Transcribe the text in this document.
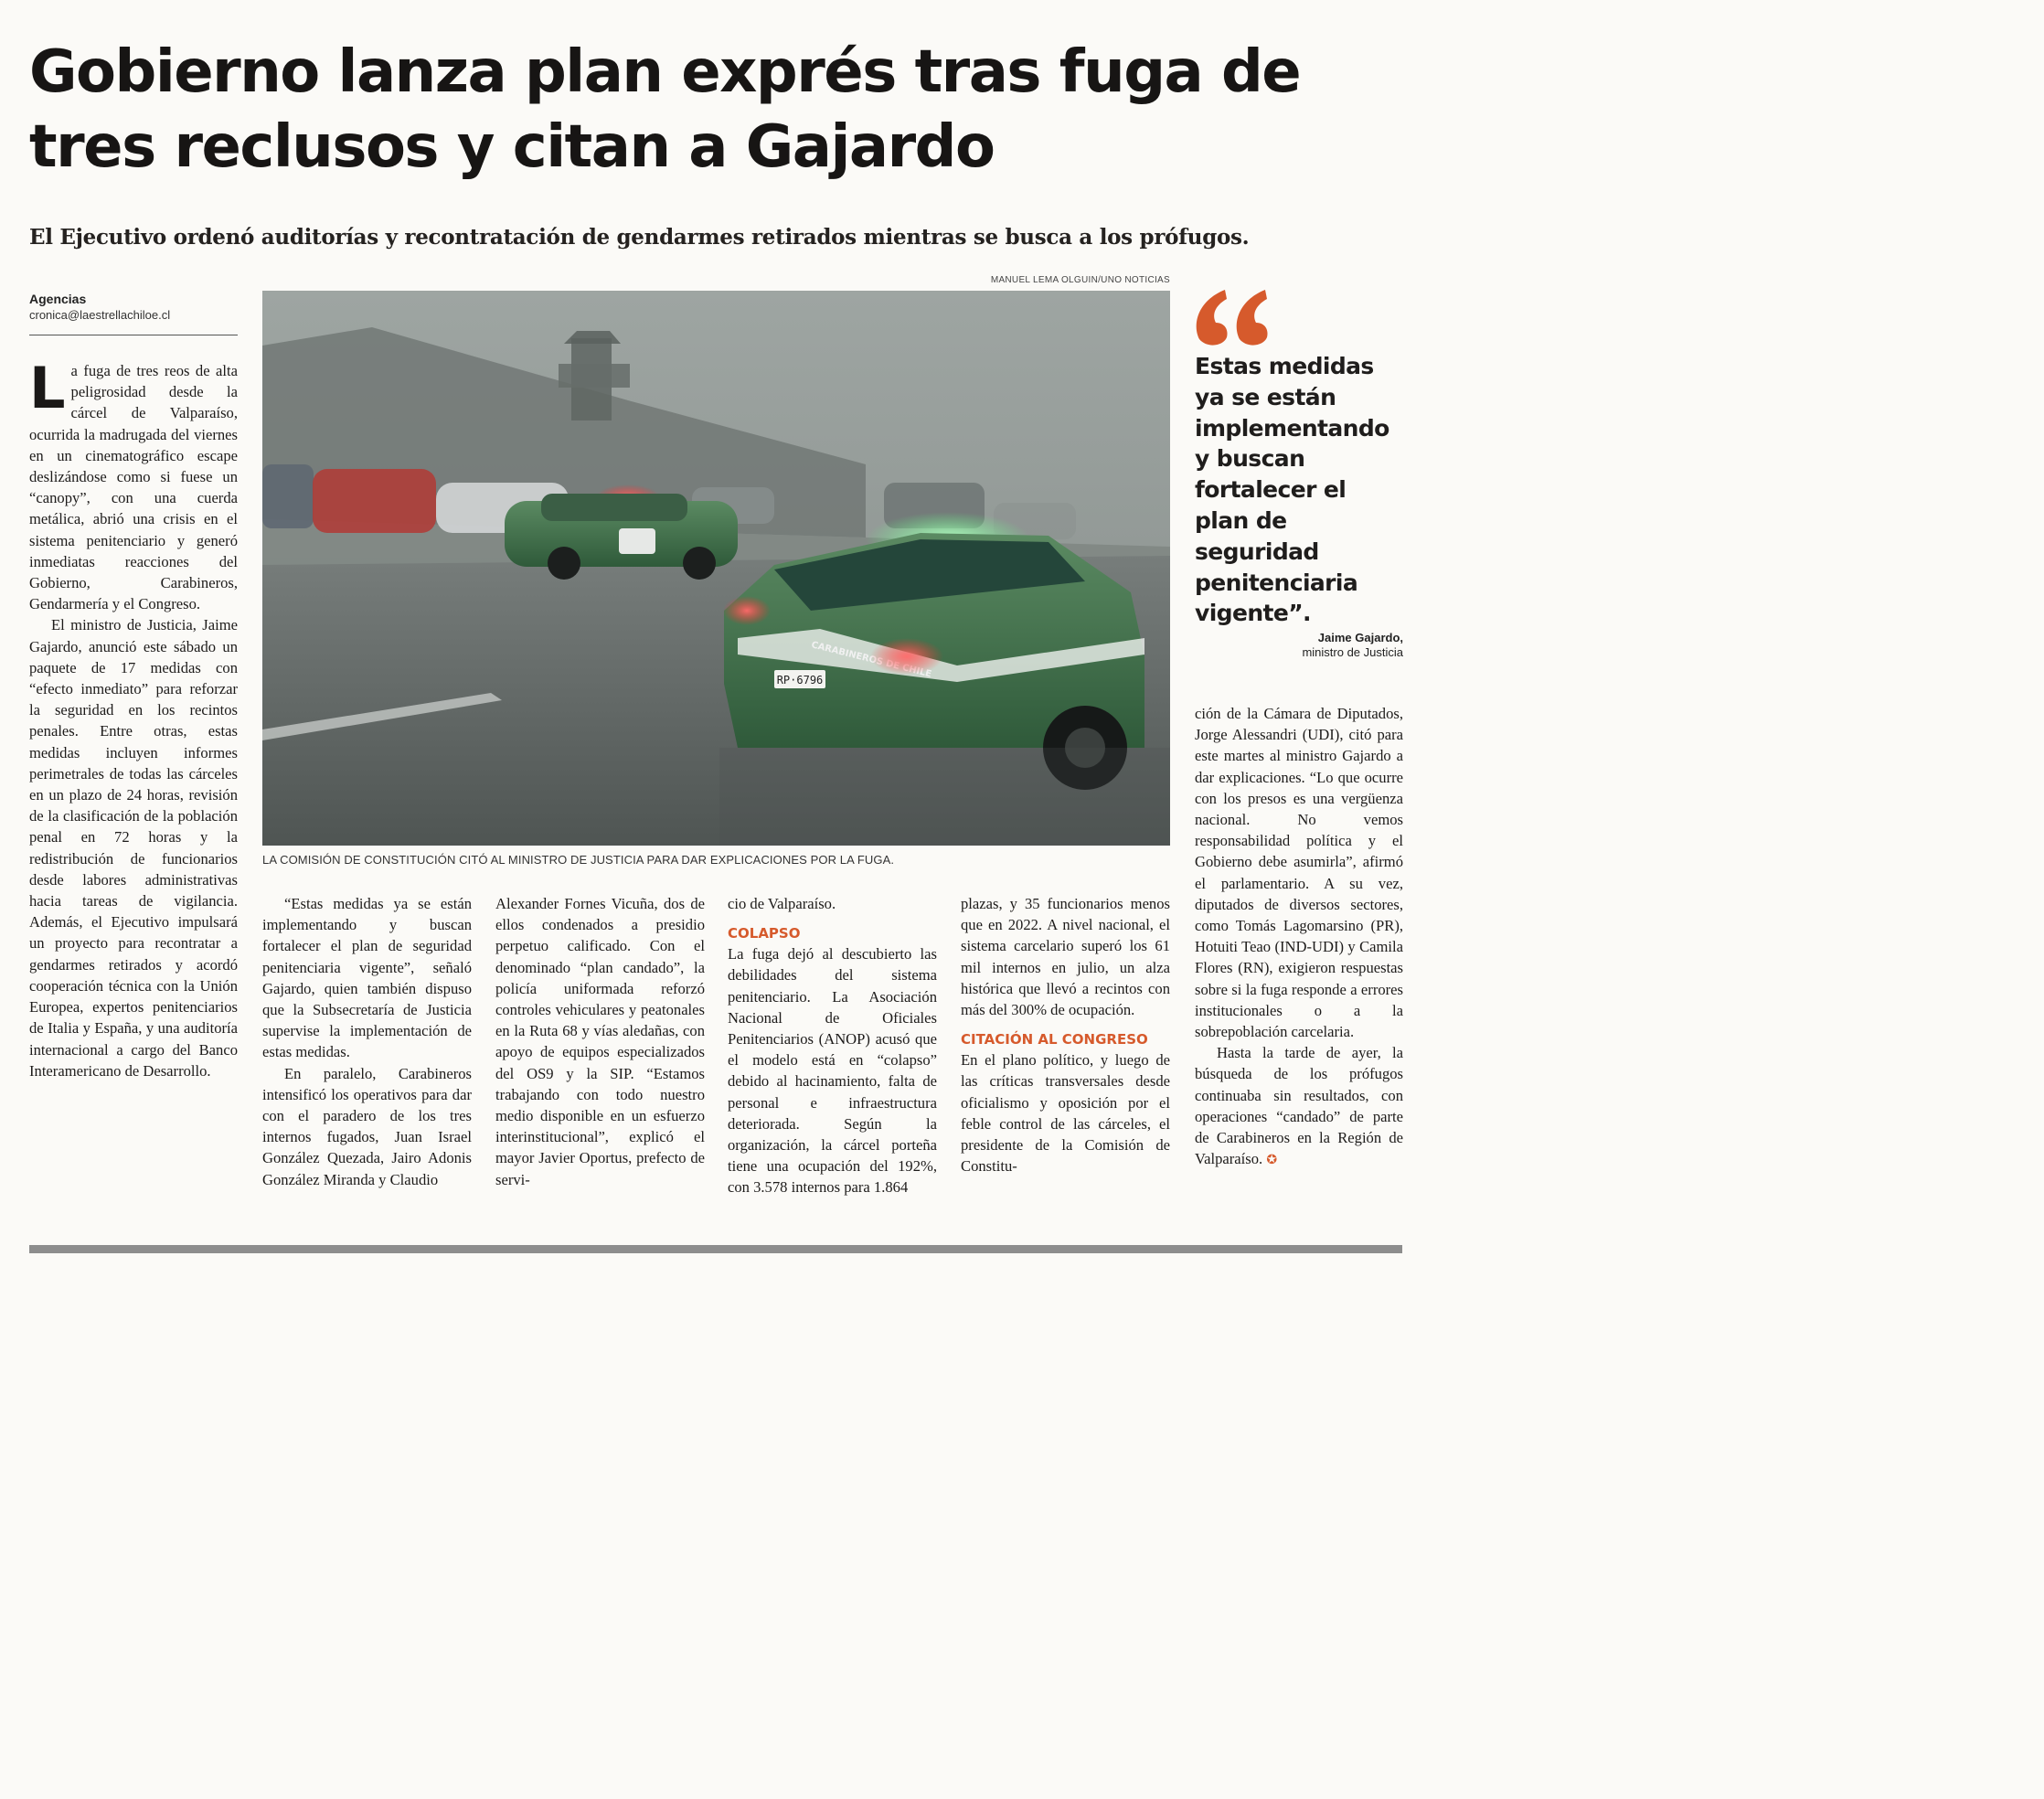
Gobierno lanza plan exprés tras fuga de tres reclusos y citan a Gajardo
El Ejecutivo ordenó auditorías y recontratación de gendarmes retirados mientras se busca a los prófugos.
Agencias
cronica@laestrellachiloe.cl

La fuga de tres reos de alta peligrosidad desde la cárcel de Valparaíso, ocurrida la madrugada del viernes en un cinematográfico escape deslizándose como si fuese un “canopy”, con una cuerda metálica, abrió una crisis en el sistema penitenciario y generó inmediatas reacciones del Gobierno, Carabineros, Gendarmería y el Congreso.

El ministro de Justicia, Jaime Gajardo, anunció este sábado un paquete de 17 medidas con “efecto inmediato” para reforzar la seguridad en los recintos penales. Entre otras, estas medidas incluyen informes perimetrales de todas las cárceles en un plazo de 24 horas, revisión de la clasificación de la población penal en 72 horas y la redistribución de funcionarios desde labores administrativas hacia tareas de vigilancia. Además, el Ejecutivo impulsará un proyecto para recontratar a gendarmes retirados y acordó cooperación técnica con la Unión Europea, expertos penitenciarios de Italia y España, y una auditoría internacional a cargo del Banco Interamericano de Desarrollo.

MANUEL LEMA OLGUIN/UNO NOTICIAS
RP·6796
CARABINEROS
LA COMISIÓN DE CONSTITUCIÓN CITÓ AL MINISTRO DE JUSTICIA PARA DAR EXPLICACIONES POR LA FUGA.

“Estas medidas ya se están implementando y buscan fortalecer el plan de seguridad penitenciaria vigente”, señaló Gajardo, quien también dispuso que la Subsecretaría de Justicia supervise la implementación de estas medidas.

En paralelo, Carabineros intensificó los operativos para dar con el paradero de los tres internos fugados, Juan Israel González Quezada, Jairo Adonis González Miranda y Claudio

Alexander Fornes Vicuña, dos de ellos condenados a presidio perpetuo calificado. Con el denominado “plan candado”, la policía uniformada reforzó controles vehiculares y peatonales en la Ruta 68 y vías aledañas, con apoyo de equipos especializados del OS9 y la SIP. “Estamos trabajando con todo nuestro medio disponible en un esfuerzo interinstitucional”, explicó el mayor Javier Oportus, prefecto de servi-

cio de Valparaíso.

COLAPSO

La fuga dejó al descubierto las debilidades del sistema penitenciario. La Asociación Nacional de Oficiales Penitenciarios (ANOP) acusó que el modelo está en “colapso” debido al hacinamiento, falta de personal e infraestructura deteriorada. Según la organización, la cárcel porteña tiene una ocupación del 192%, con 3.578 internos para 1.864

plazas, y 35 funcionarios menos que en 2022. A nivel nacional, el sistema carcelario superó los 61 mil internos en julio, un alza histórica que llevó a recintos con más del 300% de ocupación.

CITACIÓN AL CONGRESO

En el plano político, y luego de las críticas transversales desde oficialismo y oposición por el feble control de las cárceles, el presidente de la Comisión de Constitu-

Estas medidas ya se están implementando y buscan fortalecer el plan de seguridad penitenciaria vigente”.

Jaime Gajardo,
ministro de Justicia

ción de la Cámara de Diputados, Jorge Alessandri (UDI), citó para este martes al ministro Gajardo a dar explicaciones. “Lo que ocurre con los presos es una vergüenza nacional. No vemos responsabilidad política y el Gobierno debe asumirla”, afirmó el parlamentario. A su vez, diputados de diversos sectores, como Tomás Lagomarsino (PR), Hotuiti Teao (IND-UDI) y Camila Flores (RN), exigieron respuestas sobre si la fuga responde a errores institucionales o a la sobrepoblación carcelaria.

Hasta la tarde de ayer, la búsqueda de los prófugos continuaba sin resultados, con operaciones “candado” de parte de Carabineros en la Región de Valparaíso. ✪
